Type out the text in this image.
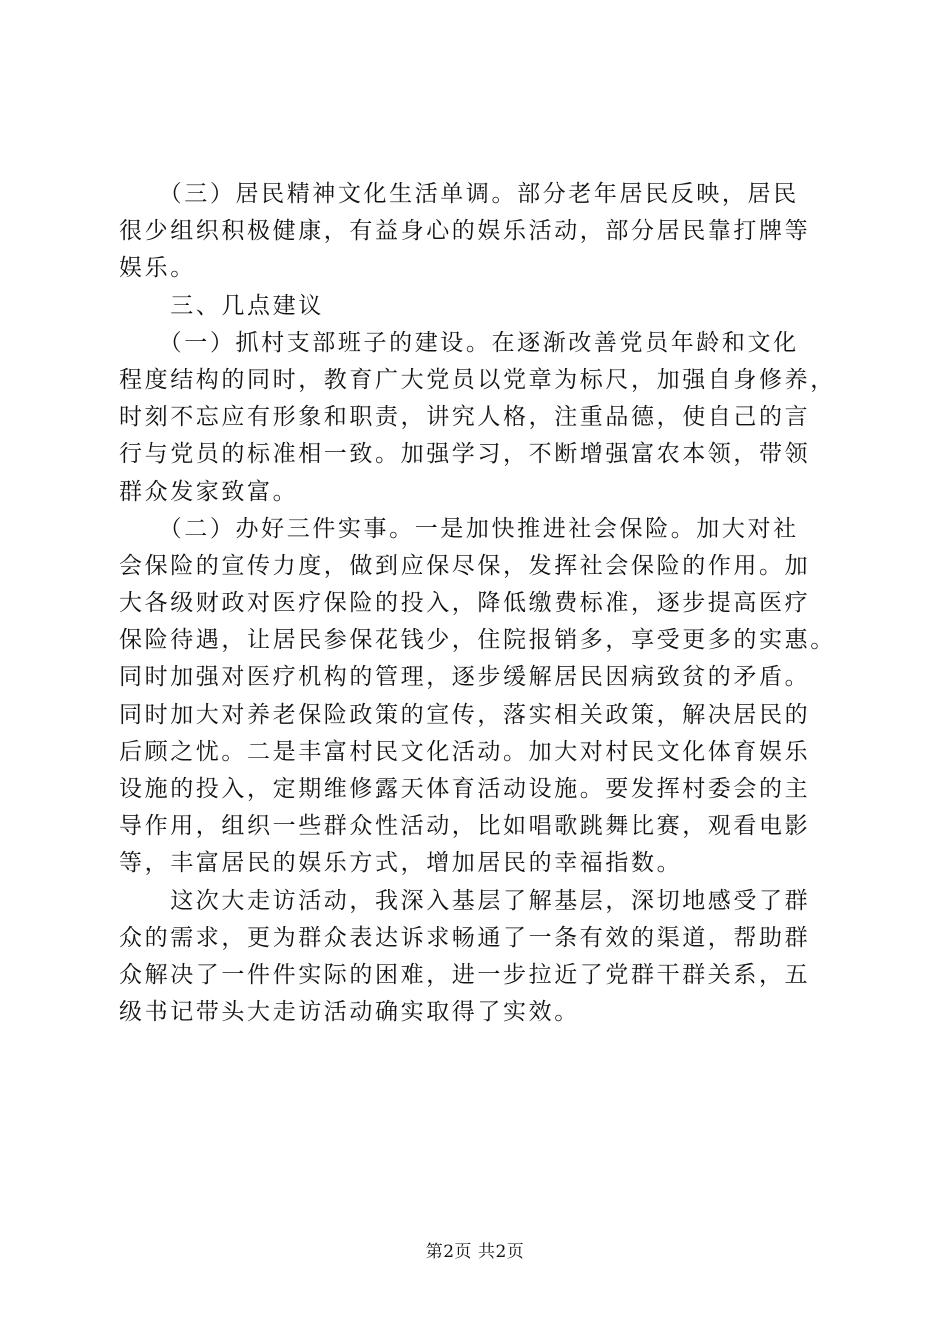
　　（三）居民精神文化生活单调。部分老年居民反映，居民
很少组织积极健康，有益身心的娱乐活动，部分居民靠打牌等
娱乐。
　　三、几点建议
　　（一）抓村支部班子的建设。在逐渐改善党员年龄和文化
程度结构的同时，教育广大党员以党章为标尺，加强自身修养，
时刻不忘应有形象和职责，讲究人格，注重品德，使自己的言
行与党员的标准相一致。加强学习，不断增强富农本领，带领
群众发家致富。
　　（二）办好三件实事。一是加快推进社会保险。加大对社
会保险的宣传力度，做到应保尽保，发挥社会保险的作用。加
大各级财政对医疗保险的投入，降低缴费标准，逐步提高医疗
保险待遇，让居民参保花钱少，住院报销多，享受更多的实惠。
同时加强对医疗机构的管理，逐步缓解居民因病致贫的矛盾。
同时加大对养老保险政策的宣传，落实相关政策，解决居民的
后顾之忧。二是丰富村民文化活动。加大对村民文化体育娱乐
设施的投入，定期维修露天体育活动设施。要发挥村委会的主
导作用，组织一些群众性活动，比如唱歌跳舞比赛，观看电影
等，丰富居民的娱乐方式，增加居民的幸福指数。
　　这次大走访活动，我深入基层了解基层，深切地感受了群
众的需求，更为群众表达诉求畅通了一条有效的渠道，帮助群
众解决了一件件实际的困难，进一步拉近了党群干群关系，五
级书记带头大走访活动确实取得了实效。
第2页 共2页
